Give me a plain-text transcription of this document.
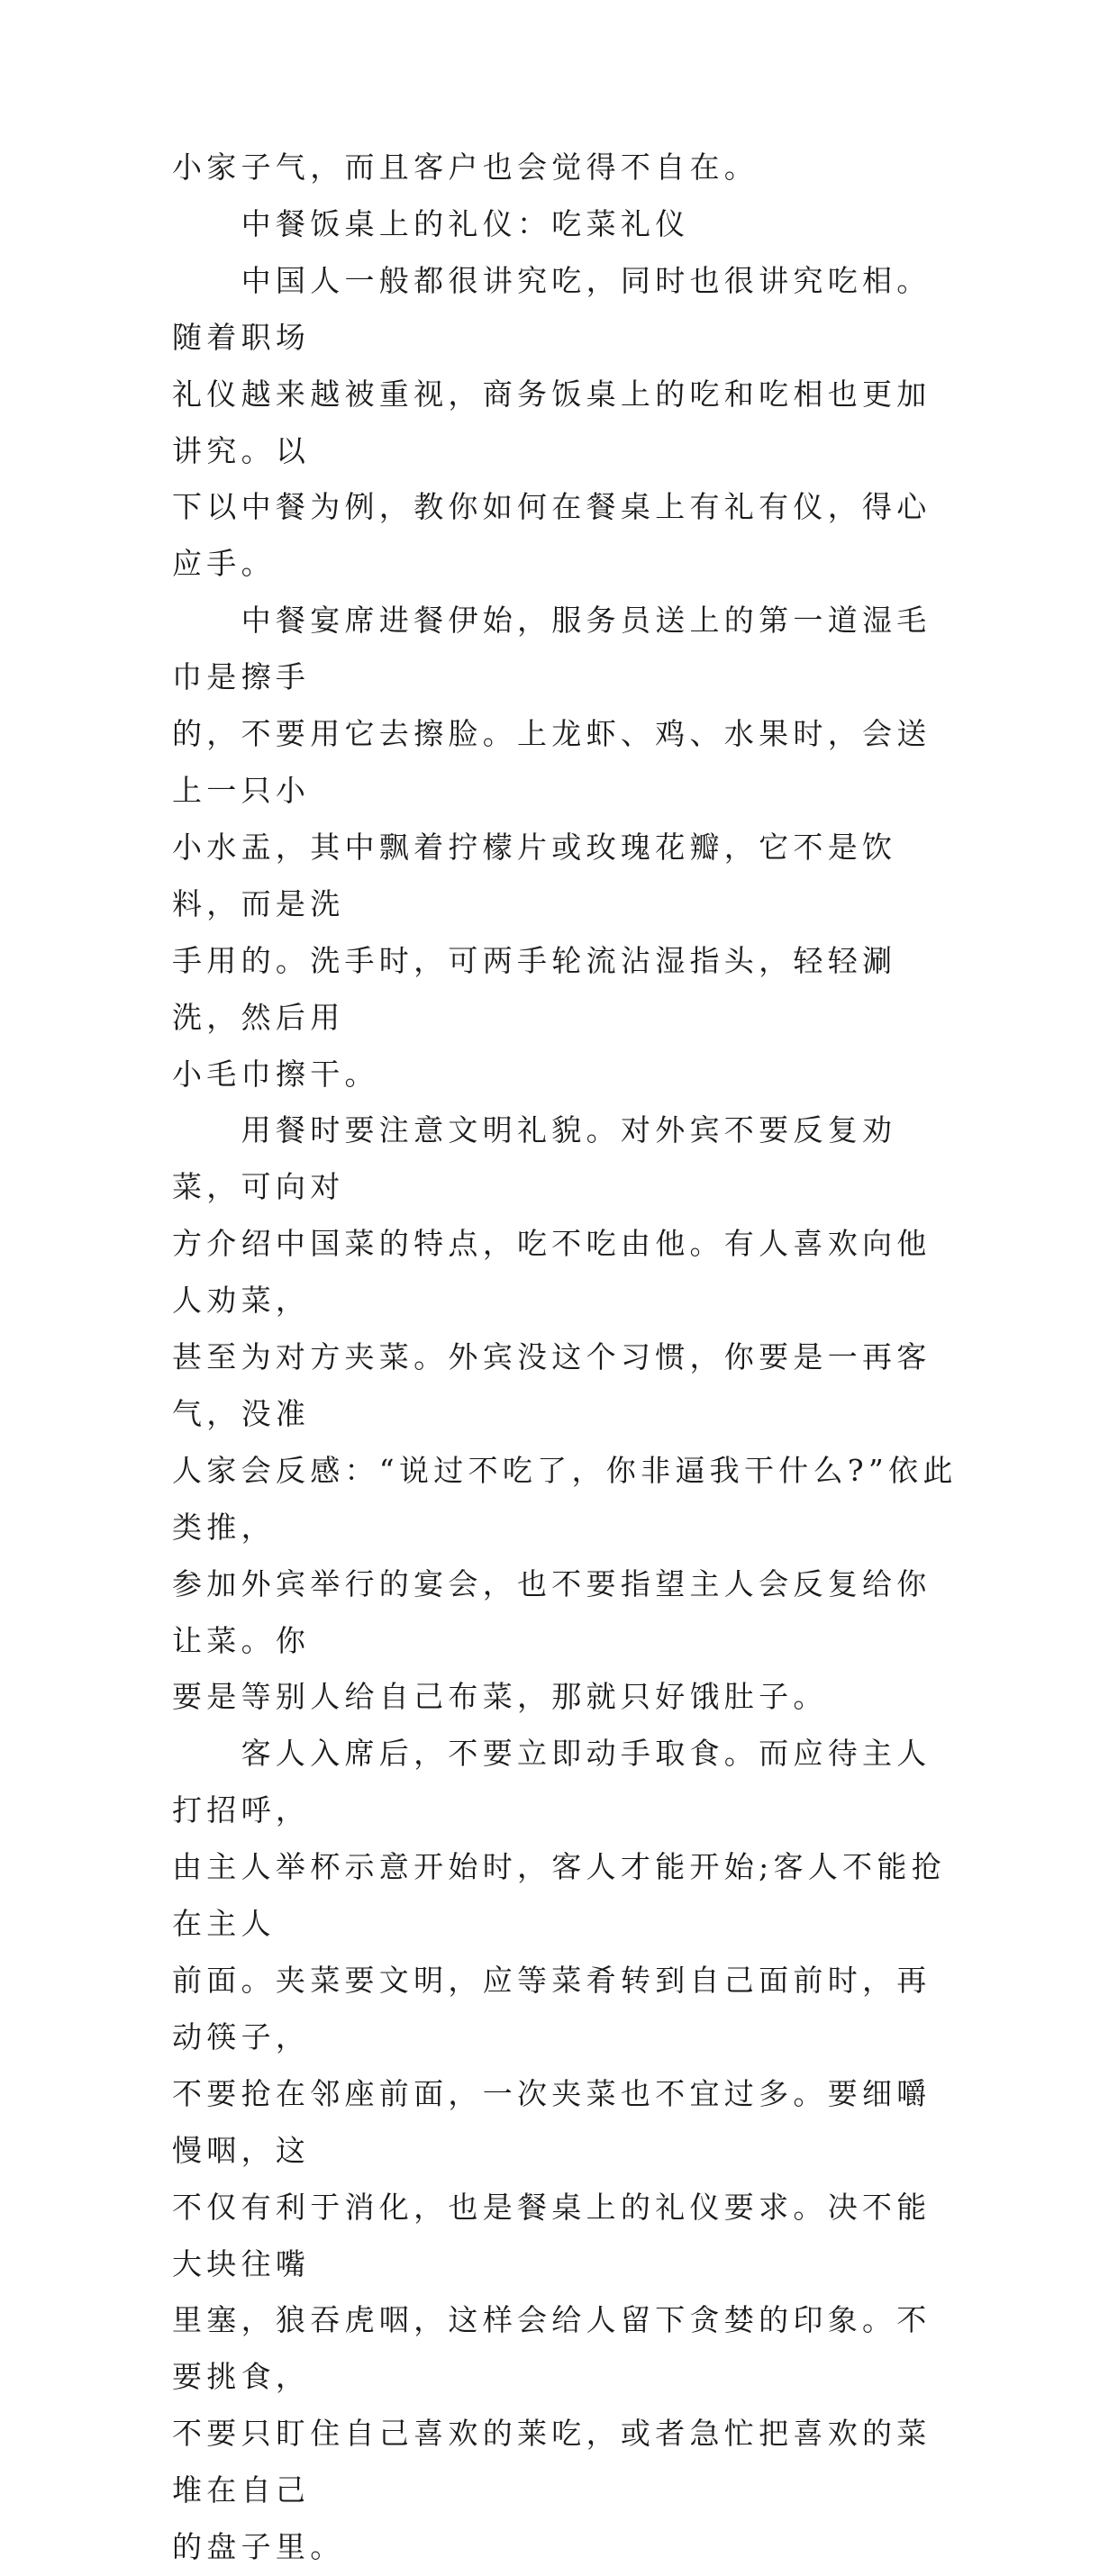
小家子气，而且客户也会觉得不自在。

　　中餐饭桌上的礼仪：吃菜礼仪

　　中国人一般都很讲究吃，同时也很讲究吃相。随着职场

礼仪越来越被重视，商务饭桌上的吃和吃相也更加讲究。以

下以中餐为例，教你如何在餐桌上有礼有仪，得心应手。

　　中餐宴席进餐伊始，服务员送上的第一道湿毛巾是擦手

的，不要用它去擦脸。上龙虾、鸡、水果时，会送上一只小

小水盂，其中飘着拧檬片或玫瑰花瓣，它不是饮料，而是洗

手用的。洗手时，可两手轮流沾湿指头，轻轻涮洗，然后用

小毛巾擦干。

　　用餐时要注意文明礼貌。对外宾不要反复劝菜，可向对

方介绍中国菜的特点，吃不吃由他。有人喜欢向他人劝菜，

甚至为对方夹菜。外宾没这个习惯，你要是一再客气，没准

人家会反感：“说过不吃了，你非逼我干什么?”依此类推，

参加外宾举行的宴会，也不要指望主人会反复给你让菜。你

要是等别人给自己布菜，那就只好饿肚子。

　　客人入席后，不要立即动手取食。而应待主人打招呼，

由主人举杯示意开始时，客人才能开始;客人不能抢在主人

前面。夹菜要文明，应等菜肴转到自己面前时，再动筷子，

不要抢在邻座前面，一次夹菜也不宜过多。要细嚼慢咽，这

不仅有利于消化，也是餐桌上的礼仪要求。决不能大块往嘴

里塞，狼吞虎咽，这样会给人留下贪婪的印象。不要挑食，

不要只盯住自己喜欢的莱吃，或者急忙把喜欢的菜堆在自己

的盘子里。
